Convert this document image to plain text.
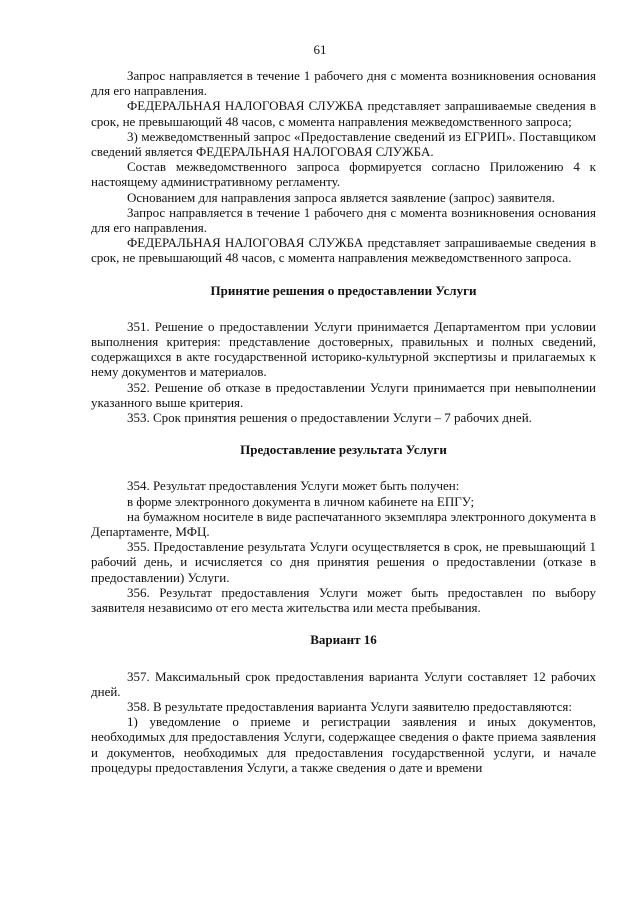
61

Запрос направляется в течение 1 рабочего дня с момента возникновения основания для его направления.

ФЕДЕРАЛЬНАЯ НАЛОГОВАЯ СЛУЖБА представляет запрашиваемые сведения в срок, не превышающий 48 часов, с момента направления межведомственного запроса;

3) межведомственный запрос «Предоставление сведений из ЕГРИП». Поставщиком сведений является ФЕДЕРАЛЬНАЯ НАЛОГОВАЯ СЛУЖБА.

Состав межведомственного запроса формируется согласно Приложению 4 к настоящему административному регламенту.

Основанием для направления запроса является заявление (запрос) заявителя.

Запрос направляется в течение 1 рабочего дня с момента возникновения основания для его направления.

ФЕДЕРАЛЬНАЯ НАЛОГОВАЯ СЛУЖБА представляет запрашиваемые сведения в срок, не превышающий 48 часов, с момента направления межведомственного запроса.

Принятие решения о предоставлении Услуги

351. Решение о предоставлении Услуги принимается Департаментом при условии выполнения критерия: представление достоверных, правильных и полных сведений, содержащихся в акте государственной историко-культурной экспертизы и прилагаемых к нему документов и материалов.

352. Решение об отказе в предоставлении Услуги принимается при невыполнении указанного выше критерия.

353. Срок принятия решения о предоставлении Услуги – 7 рабочих дней.

Предоставление результата Услуги

354. Результат предоставления Услуги может быть получен:

в форме электронного документа в личном кабинете на ЕПГУ;

на бумажном носителе в виде распечатанного экземпляра электронного документа в Департаменте, МФЦ.

355. Предоставление результата Услуги осуществляется в срок, не превышающий 1 рабочий день, и исчисляется со дня принятия решения о предоставлении (отказе в предоставлении) Услуги.

356. Результат предоставления Услуги может быть предоставлен по выбору заявителя независимо от его места жительства или места пребывания.

Вариант 16

357. Максимальный срок предоставления варианта Услуги составляет 12 рабочих дней.

358. В результате предоставления варианта Услуги заявителю предоставляются:

1) уведомление о приеме и регистрации заявления и иных документов, необходимых для предоставления Услуги, содержащее сведения о факте приема заявления и документов, необходимых для предоставления государственной услуги, и начале процедуры предоставления Услуги, а также сведения о дате и времени
